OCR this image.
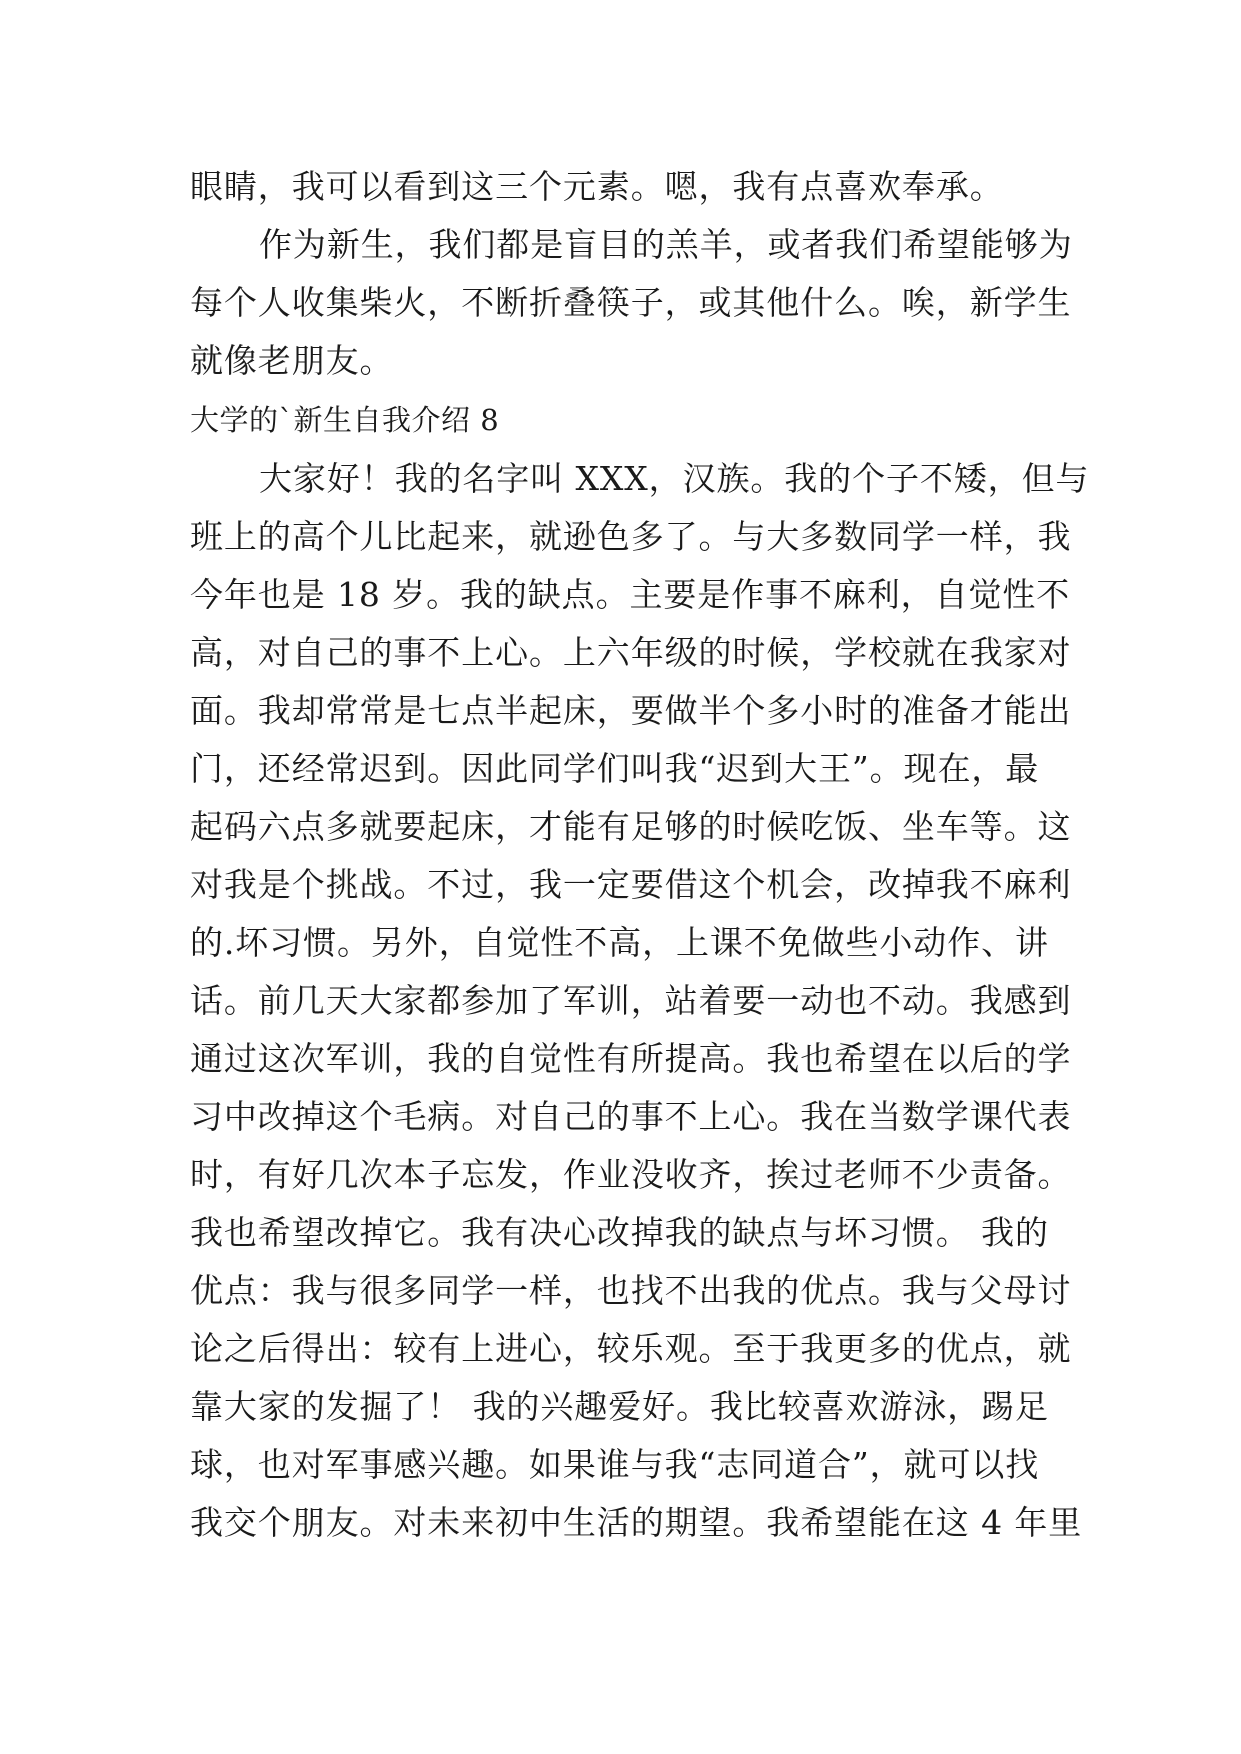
眼睛，我可以看到这三个元素。嗯，我有点喜欢奉承。
作为新生，我们都是盲目的羔羊，或者我们希望能够为
每个人收集柴火，不断折叠筷子，或其他什么。唉，新学生
就像老朋友。
大学的`新生自我介绍 8
大家好！我的名字叫 XXX，汉族。我的个子不矮，但与
班上的高个儿比起来，就逊色多了。与大多数同学一样，我
今年也是 18 岁。我的缺点。主要是作事不麻利，自觉性不
高，对自己的事不上心。上六年级的时候，学校就在我家对
面。我却常常是七点半起床，要做半个多小时的准备才能出
门，还经常迟到。因此同学们叫我“迟到大王”。现在，最
起码六点多就要起床，才能有足够的时候吃饭、坐车等。这
对我是个挑战。不过，我一定要借这个机会，改掉我不麻利
的.坏习惯。另外，自觉性不高，上课不免做些小动作、讲
话。前几天大家都参加了军训，站着要一动也不动。我感到
通过这次军训，我的自觉性有所提高。我也希望在以后的学
习中改掉这个毛病。对自己的事不上心。我在当数学课代表
时，有好几次本子忘发，作业没收齐，挨过老师不少责备。
我也希望改掉它。我有决心改掉我的缺点与坏习惯。 我的
优点：我与很多同学一样，也找不出我的优点。我与父母讨
论之后得出：较有上进心，较乐观。至于我更多的优点，就
靠大家的发掘了！ 我的兴趣爱好。我比较喜欢游泳，踢足
球，也对军事感兴趣。如果谁与我“志同道合”，就可以找
我交个朋友。对未来初中生活的期望。我希望能在这 4 年里
